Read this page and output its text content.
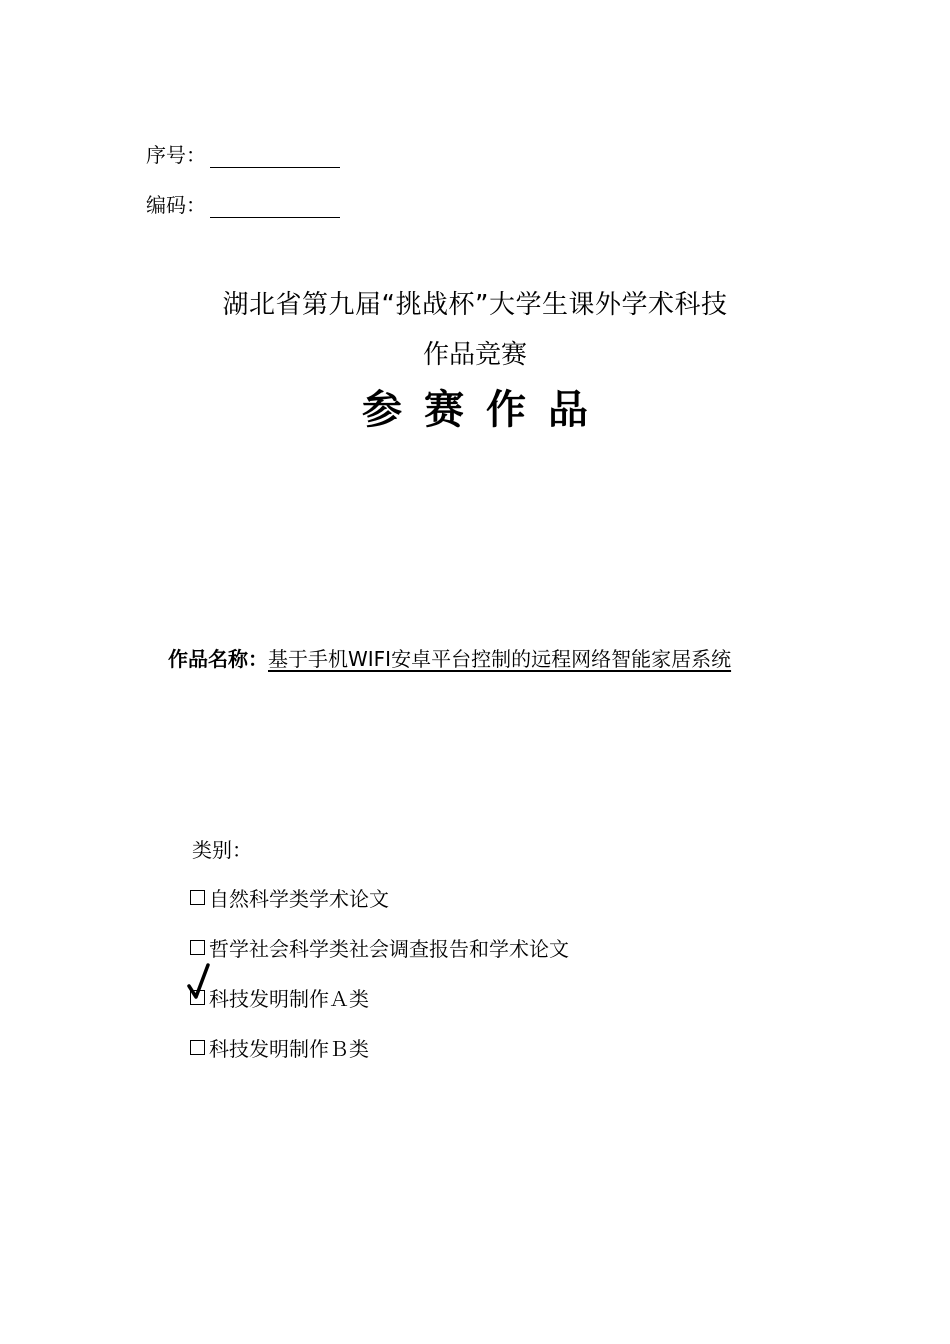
序号：
编码：
湖北省第九届“挑战杯”大学生课外学术科技
作品竞赛
参赛作品
作品名称：基于手机WIFI安卓平台控制的远程网络智能家居系统
类别：
自然科学类学术论文
哲学社会科学类社会调查报告和学术论文
科技发明制作Ａ类
科技发明制作Ｂ类
